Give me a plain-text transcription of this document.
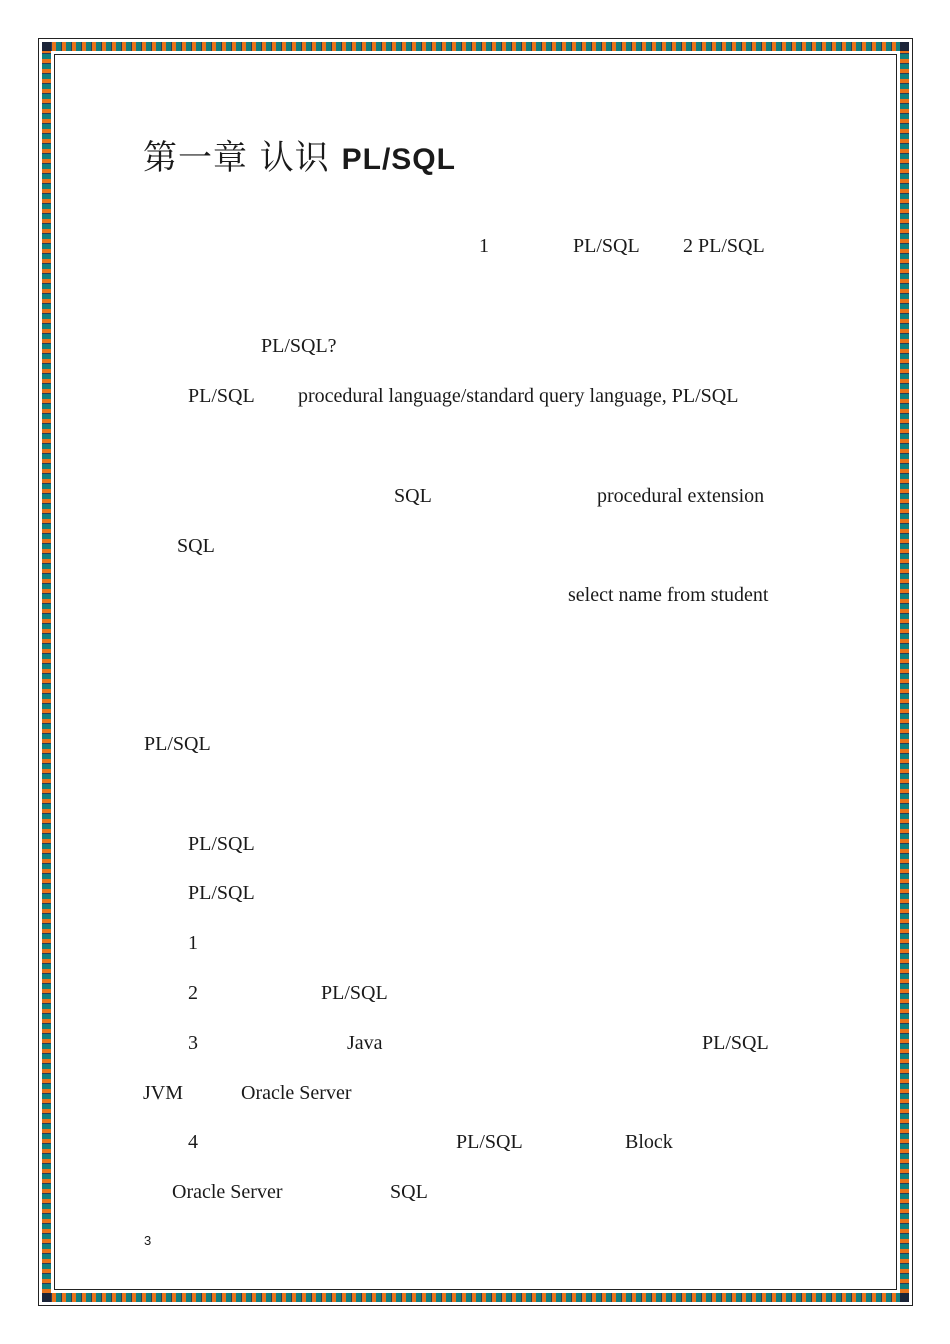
第一章 认识 PL/SQL
1	PL/SQL 2 PL/SQL
PL/SQL?
PL/SQL procedural language/standard query language, PL/SQL
SQL	procedural extension
SQL
select name from student
PL/SQL
PL/SQL
PL/SQL
1
2	PL/SQL
3	Java	PL/SQL
JVM	Oracle Server
4	PL/SQL	Block
Oracle Server	SQL
3
